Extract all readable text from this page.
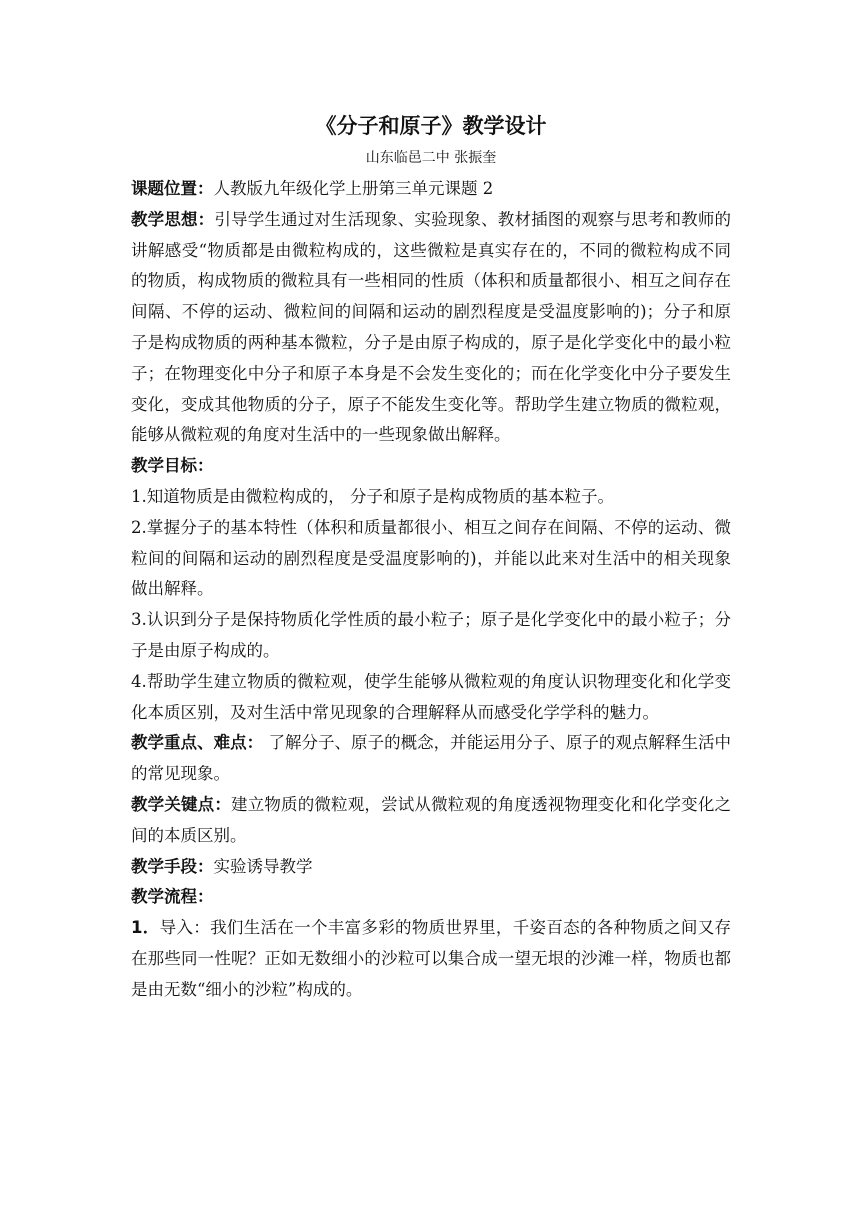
《分子和原子》教学设计

山东临邑二中 张振奎

课题位置：人教版九年级化学上册第三单元课题 2

教学思想：引导学生通过对生活现象、实验现象、教材插图的观察与思考和教师的讲解感受“物质都是由微粒构成的，这些微粒是真实存在的，不同的微粒构成不同的物质，构成物质的微粒具有一些相同的性质（体积和质量都很小、相互之间存在间隔、不停的运动、微粒间的间隔和运动的剧烈程度是受温度影响的)；分子和原子是构成物质的两种基本微粒，分子是由原子构成的，原子是化学变化中的最小粒子；在物理变化中分子和原子本身是不会发生变化的；而在化学变化中分子要发生变化，变成其他物质的分子，原子不能发生变化等。帮助学生建立物质的微粒观，能够从微粒观的角度对生活中的一些现象做出解释。

教学目标：

1.知道物质是由微粒构成的， 分子和原子是构成物质的基本粒子。

2.掌握分子的基本特性（体积和质量都很小、相互之间存在间隔、不停的运动、微粒间的间隔和运动的剧烈程度是受温度影响的)，并能以此来对生活中的相关现象做出解释。

3.认识到分子是保持物质化学性质的最小粒子；原子是化学变化中的最小粒子；分子是由原子构成的。

4.帮助学生建立物质的微粒观，使学生能够从微粒观的角度认识物理变化和化学变化本质区别，及对生活中常见现象的合理解释从而感受化学学科的魅力。

教学重点、难点： 了解分子、原子的概念，并能运用分子、原子的观点解释生活中的常见现象。

教学关键点：建立物质的微粒观，尝试从微粒观的角度透视物理变化和化学变化之间的本质区别。

教学手段：实验诱导教学

教学流程：

1．导入：我们生活在一个丰富多彩的物质世界里，千姿百态的各种物质之间又存在那些同一性呢？正如无数细小的沙粒可以集合成一望无垠的沙滩一样，物质也都是由无数“细小的沙粒”构成的。
